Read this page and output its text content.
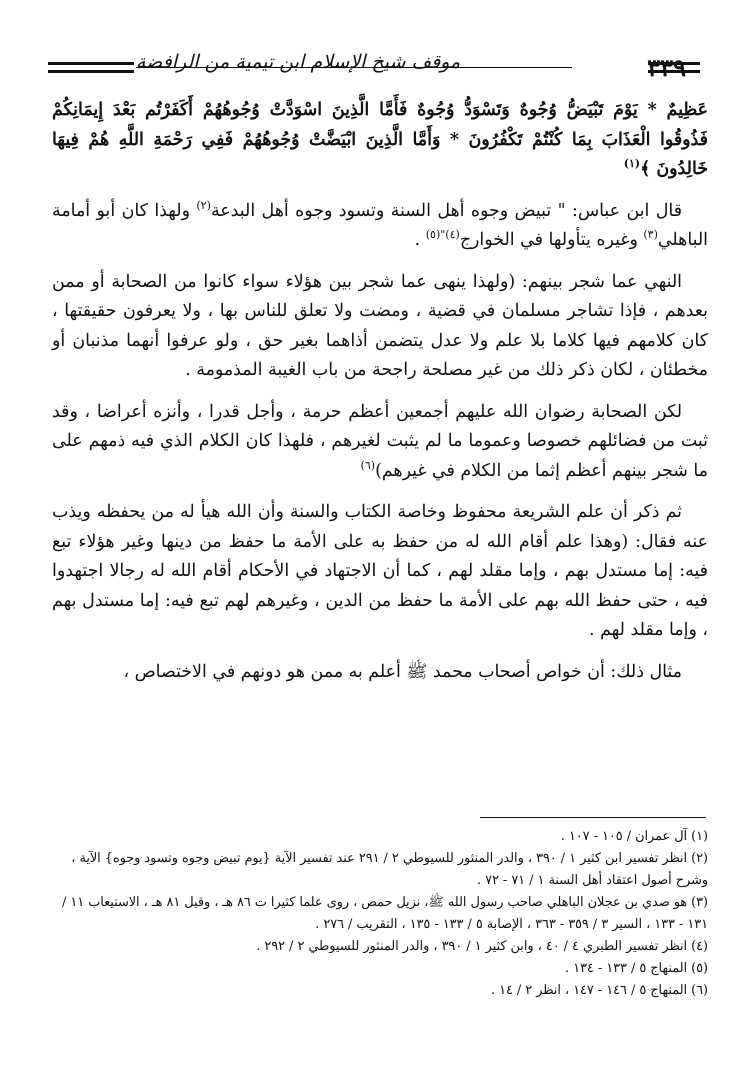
٣٣٩
موقف شيخ الإسلام ابن تيمية من الرافضة

عَظِيمٌ * يَوْمَ تَبْيَضُّ وُجُوهٌ وَتَسْوَدُّ وُجُوهٌ فَأَمَّا الَّذِينَ اسْوَدَّتْ وُجُوهُهُمْ أَكَفَرْتُم بَعْدَ إِيمَانِكُمْ فَذُوقُوا الْعَذَابَ بِمَا كُنْتُمْ تَكْفُرُونَ * وَأَمَّا الَّذِينَ ابْيَضَّتْ وُجُوهُهُمْ فَفِي رَحْمَةِ اللَّهِ هُمْ فِيهَا خَالِدُونَ ﴾$^{(١)}$

قال ابن عباس: " تبيض وجوه أهل السنة وتسود وجوه أهل البدعة$^{(٢)}$ ولهذا كان أبو أمامة الباهلي$^{(٣)}$ وغيره يتأولها في الخوارج$^{(٤)"(٥)}$ .

النهي عما شجر بينهم: (ولهذا ينهى عما شجر بين هؤلاء سواء كانوا من الصحابة أو ممن بعدهم ، فإذا تشاجر مسلمان في قضية ، ومضت ولا تعلق للناس بها ، ولا يعرفون حقيقتها ، كان كلامهم فيها كلاما بلا علم ولا عدل يتضمن أذاهما بغير حق ، ولو عرفوا أنهما مذنبان أو مخطئان ، لكان ذكر ذلك من غير مصلحة راجحة من باب الغيبة المذمومة .

لكن الصحابة رضوان الله عليهم أجمعين أعظم حرمة ، وأجل قدرا ، وأنزه أعراضا ، وقد ثبت من فضائلهم خصوصا وعموما ما لم يثبت لغيرهم ، فلهذا كان الكلام الذي فيه ذمهم على ما شجر بينهم أعظم إثما من الكلام في غيرهم)$^{(٦)}$

ثم ذكر أن علم الشريعة محفوظ وخاصة الكتاب والسنة وأن الله هيأ له من يحفظه ويذب عنه فقال: (وهذا علم أقام الله له من حفظ به على الأمة ما حفظ من دينها وغير هؤلاء تبع فيه: إما مستدل بهم ، وإما مقلد لهم ، كما أن الاجتهاد في الأحكام أقام الله له رجالا اجتهدوا فيه ، حتى حفظ الله بهم على الأمة ما حفظ من الدين ، وغيرهم لهم تبع فيه: إما مستدل بهم ، وإما مقلد لهم .

مثال ذلك: أن خواص أصحاب محمد ﷺ أعلم به ممن هو دونهم في الاختصاص ،

(١) آل عمران / ١٠٥ - ١٠٧ .

(٢) انظر تفسير ابن كثير ١ / ٣٩٠ ، والدر المنثور للسيوطي ٢ / ٢٩١ عند تفسير الآية {يوم تبيض وجوه وتسود وجوه} الآية ، وشرح أصول اعتقاد أهل السنة ١ / ٧١ - ٧٢ .

(٣) هو صدي بن عجلان الباهلي صاحب رسول الله ﷺ، نزيل حمص ، روى علما كثيرا ت ٨٦ هـ ، وقيل ٨١ هـ ، الاستيعاب ١١ / ١٣١ - ١٣٣ ، السير ٣ / ٣٥٩ - ٣٦٣ ، الإصابة ٥ / ١٣٣ - ١٣٥ ، التقريب / ٢٧٦ .

(٤) انظر تفسير الطبري ٤ / ٤٠ ، وابن كثير ١ / ٣٩٠ ، والدر المنثور للسيوطي ٢ / ٢٩٢ .

(٥) المنهاج ٥ / ١٣٣ - ١٣٤ .

(٦) المنهاج ٥ / ١٤٦ - ١٤٧ ، انظر ٢ / ١٤ .
